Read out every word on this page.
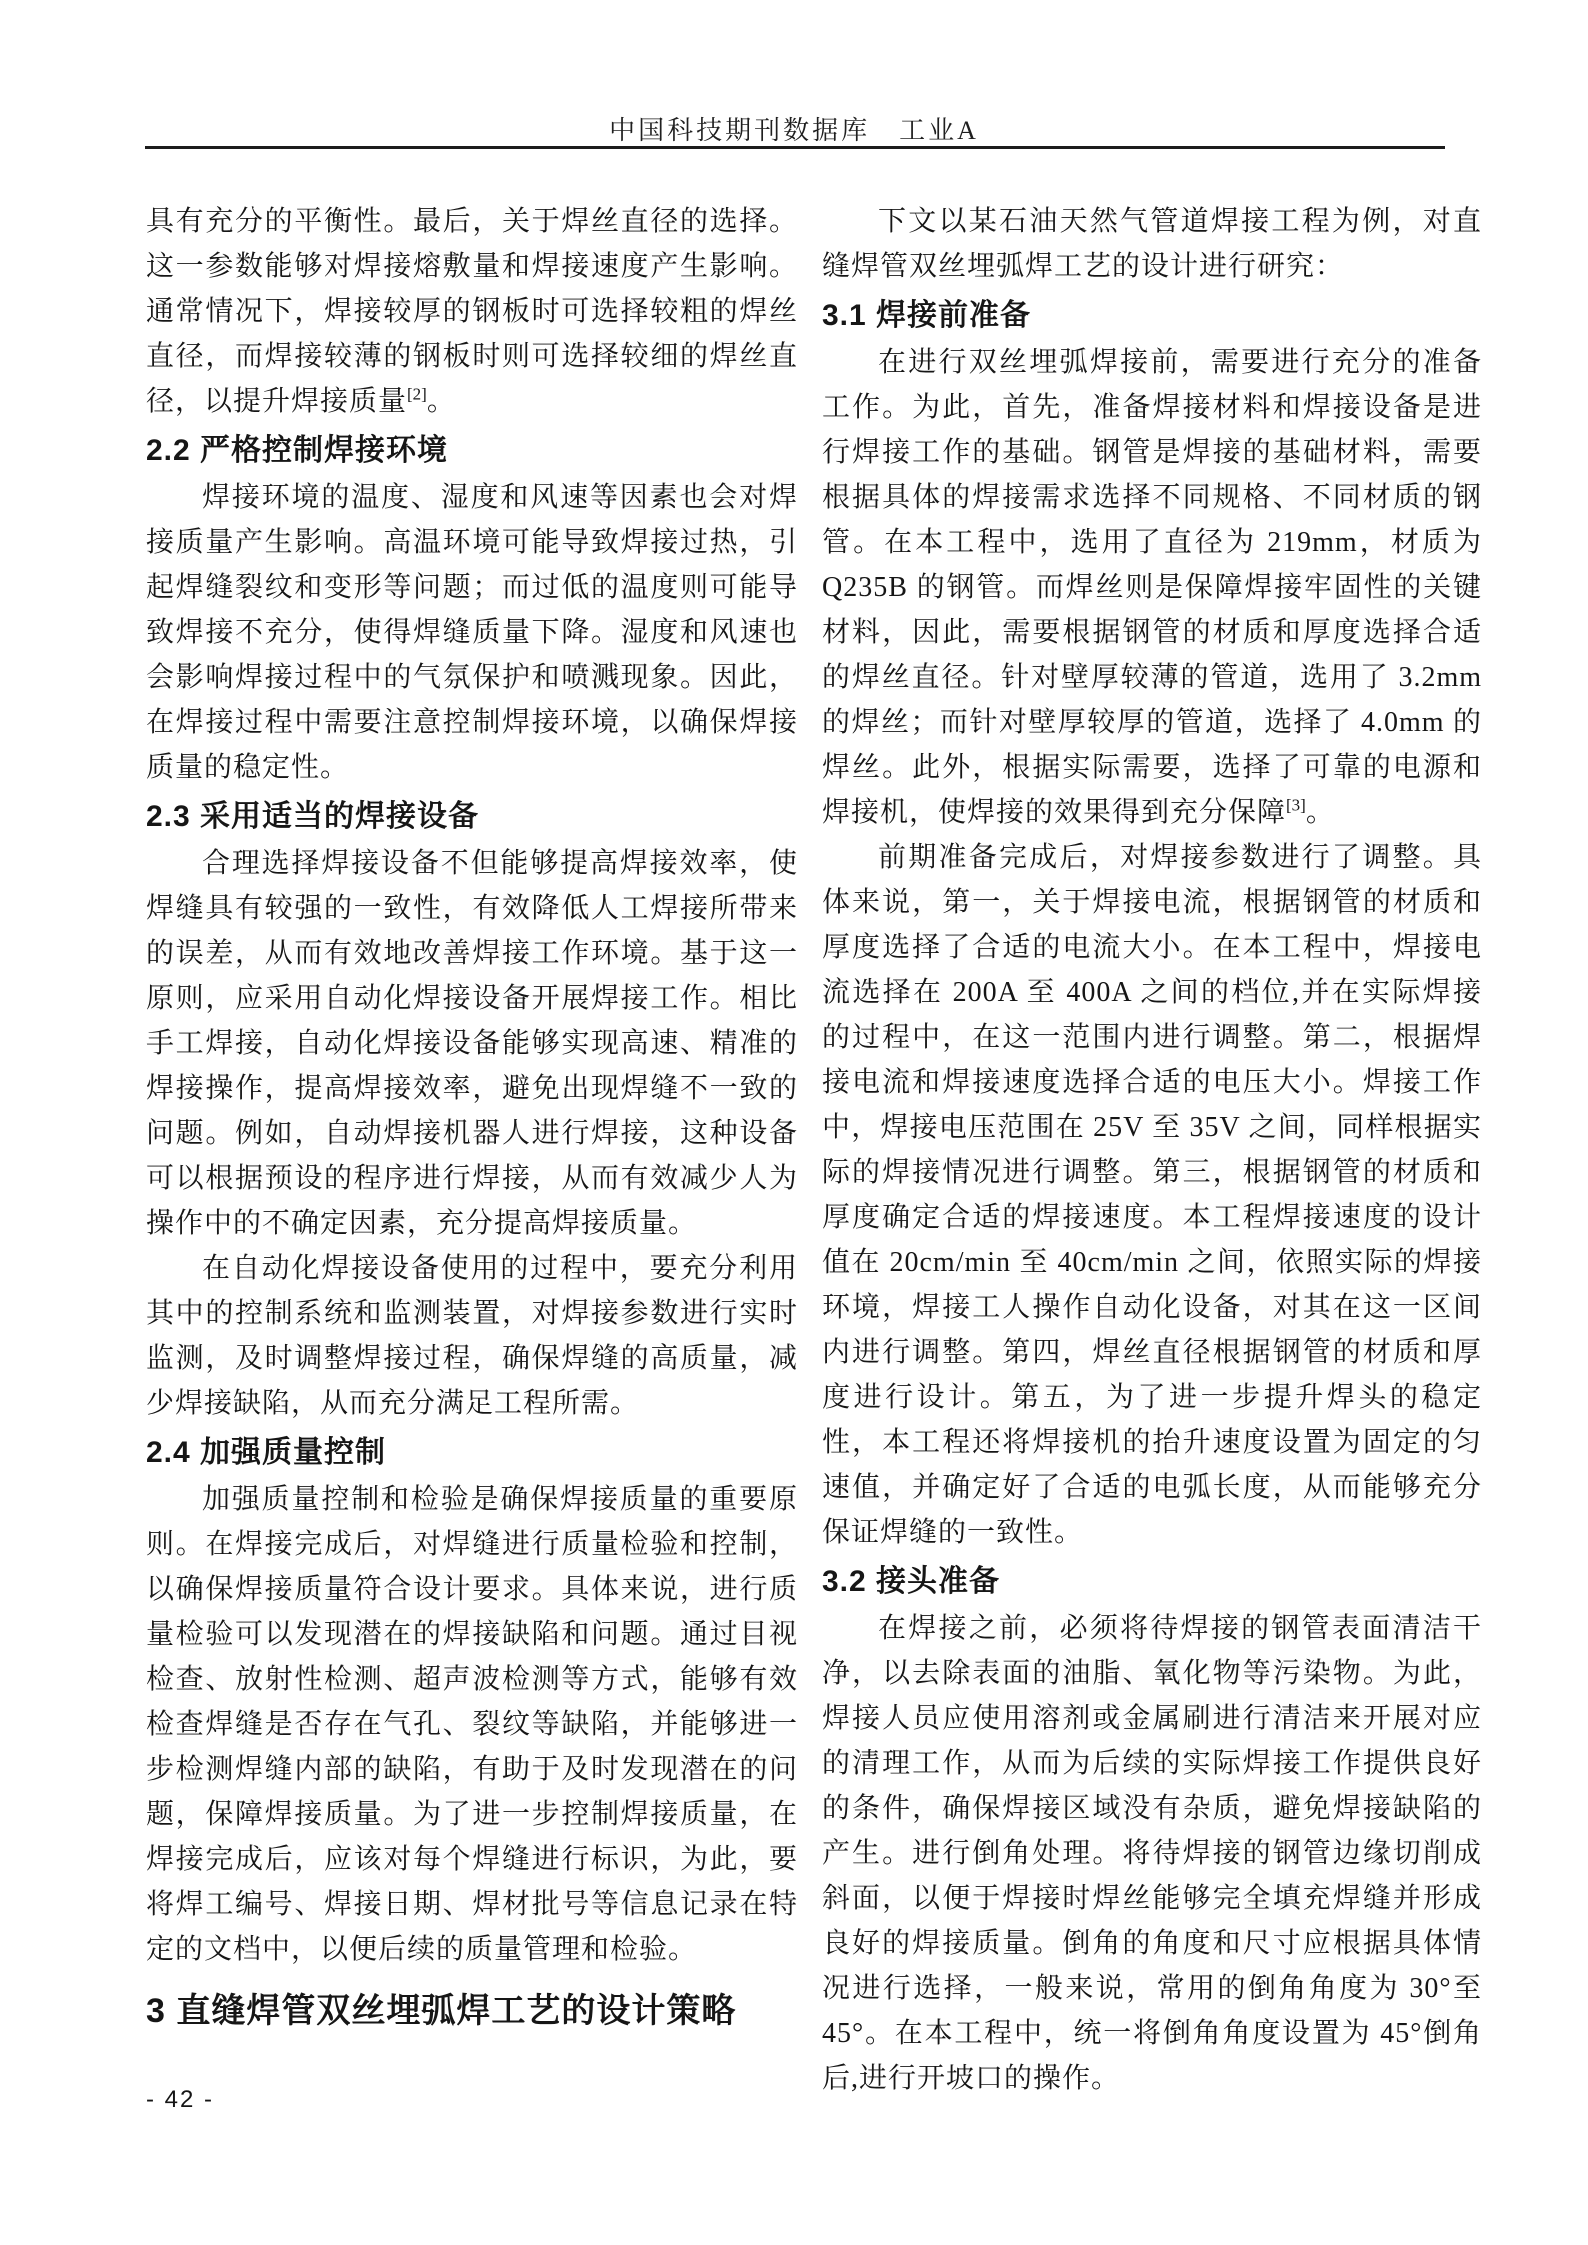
中国科技期刊数据库　工业A

具有充分的平衡性。最后，关于焊丝直径的选择。这一参数能够对焊接熔敷量和焊接速度产生影响。通常情况下，焊接较厚的钢板时可选择较粗的焊丝直径，而焊接较薄的钢板时则可选择较细的焊丝直径，以提升焊接质量[2]。

2.2 严格控制焊接环境

焊接环境的温度、湿度和风速等因素也会对焊接质量产生影响。高温环境可能导致焊接过热，引起焊缝裂纹和变形等问题；而过低的温度则可能导致焊接不充分，使得焊缝质量下降。湿度和风速也会影响焊接过程中的气氛保护和喷溅现象。因此，在焊接过程中需要注意控制焊接环境，以确保焊接质量的稳定性。

2.3 采用适当的焊接设备

合理选择焊接设备不但能够提高焊接效率，使焊缝具有较强的一致性，有效降低人工焊接所带来的误差，从而有效地改善焊接工作环境。基于这一原则，应采用自动化焊接设备开展焊接工作。相比手工焊接，自动化焊接设备能够实现高速、精准的焊接操作，提高焊接效率，避免出现焊缝不一致的问题。例如，自动焊接机器人进行焊接，这种设备可以根据预设的程序进行焊接，从而有效减少人为操作中的不确定因素，充分提高焊接质量。

在自动化焊接设备使用的过程中，要充分利用其中的控制系统和监测装置，对焊接参数进行实时监测，及时调整焊接过程，确保焊缝的高质量，减少焊接缺陷，从而充分满足工程所需。

2.4 加强质量控制

加强质量控制和检验是确保焊接质量的重要原则。在焊接完成后，对焊缝进行质量检验和控制，以确保焊接质量符合设计要求。具体来说，进行质量检验可以发现潜在的焊接缺陷和问题。通过目视检查、放射性检测、超声波检测等方式，能够有效检查焊缝是否存在气孔、裂纹等缺陷，并能够进一步检测焊缝内部的缺陷，有助于及时发现潜在的问题，保障焊接质量。为了进一步控制焊接质量，在焊接完成后，应该对每个焊缝进行标识，为此，要将焊工编号、焊接日期、焊材批号等信息记录在特定的文档中，以便后续的质量管理和检验。

3 直缝焊管双丝埋弧焊工艺的设计策略

下文以某石油天然气管道焊接工程为例，对直缝焊管双丝埋弧焊工艺的设计进行研究：

3.1 焊接前准备

在进行双丝埋弧焊接前，需要进行充分的准备工作。为此，首先，准备焊接材料和焊接设备是进行焊接工作的基础。钢管是焊接的基础材料，需要根据具体的焊接需求选择不同规格、不同材质的钢管。在本工程中，选用了直径为 219mm，材质为 Q235B 的钢管。而焊丝则是保障焊接牢固性的关键材料，因此，需要根据钢管的材质和厚度选择合适的焊丝直径。针对壁厚较薄的管道，选用了 3.2mm 的焊丝；而针对壁厚较厚的管道，选择了 4.0mm 的焊丝。此外，根据实际需要，选择了可靠的电源和焊接机，使焊接的效果得到充分保障[3]。

前期准备完成后，对焊接参数进行了调整。具体来说，第一，关于焊接电流，根据钢管的材质和厚度选择了合适的电流大小。在本工程中，焊接电流选择在 200A 至 400A 之间的档位,并在实际焊接的过程中，在这一范围内进行调整。第二，根据焊接电流和焊接速度选择合适的电压大小。焊接工作中，焊接电压范围在 25V 至 35V 之间，同样根据实际的焊接情况进行调整。第三，根据钢管的材质和厚度确定合适的焊接速度。本工程焊接速度的设计值在 20cm/min 至 40cm/min 之间，依照实际的焊接环境，焊接工人操作自动化设备，对其在这一区间内进行调整。第四，焊丝直径根据钢管的材质和厚度进行设计。第五，为了进一步提升焊头的稳定性，本工程还将焊接机的抬升速度设置为固定的匀速值，并确定好了合适的电弧长度，从而能够充分保证焊缝的一致性。

3.2 接头准备

在焊接之前，必须将待焊接的钢管表面清洁干净，以去除表面的油脂、氧化物等污染物。为此，焊接人员应使用溶剂或金属刷进行清洁来开展对应的清理工作，从而为后续的实际焊接工作提供良好的条件，确保焊接区域没有杂质，避免焊接缺陷的产生。进行倒角处理。将待焊接的钢管边缘切削成斜面，以便于焊接时焊丝能够完全填充焊缝并形成良好的焊接质量。倒角的角度和尺寸应根据具体情况进行选择，一般来说，常用的倒角角度为 30°至 45°。在本工程中，统一将倒角角度设置为 45°倒角后,进行开坡口的操作。

- 42 -
